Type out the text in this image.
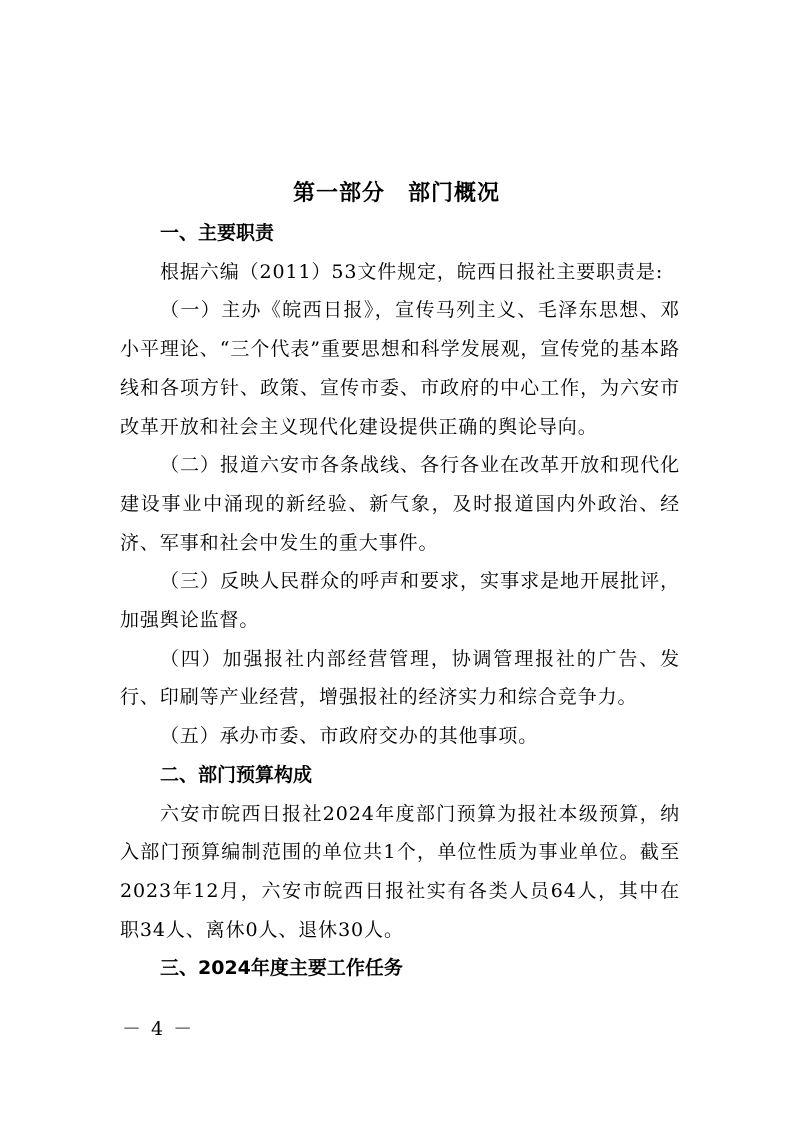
第一部分　部门概况

一、主要职责

根据六编（2011）53文件规定，皖西日报社主要职责是:

（一）主办《皖西日报》，宣传马列主义、毛泽东思想、邓小平理论、“三个代表”重要思想和科学发展观，宣传党的基本路线和各项方针、政策、宣传市委、市政府的中心工作，为六安市改革开放和社会主义现代化建设提供正确的舆论导向。

（二）报道六安市各条战线、各行各业在改革开放和现代化建设事业中涌现的新经验、新气象，及时报道国内外政治、经济、军事和社会中发生的重大事件。

（三）反映人民群众的呼声和要求，实事求是地开展批评，加强舆论监督。

（四）加强报社内部经营管理，协调管理报社的广告、发行、印刷等产业经营，增强报社的经济实力和综合竞争力。

（五）承办市委、市政府交办的其他事项。

二、部门预算构成

六安市皖西日报社2024年度部门预算为报社本级预算，纳入部门预算编制范围的单位共1个，单位性质为事业单位。截至2023年12月，六安市皖西日报社实有各类人员64人，其中在职34人、离休0人、退休30人。

三、2024年度主要工作任务

－ 4 －
